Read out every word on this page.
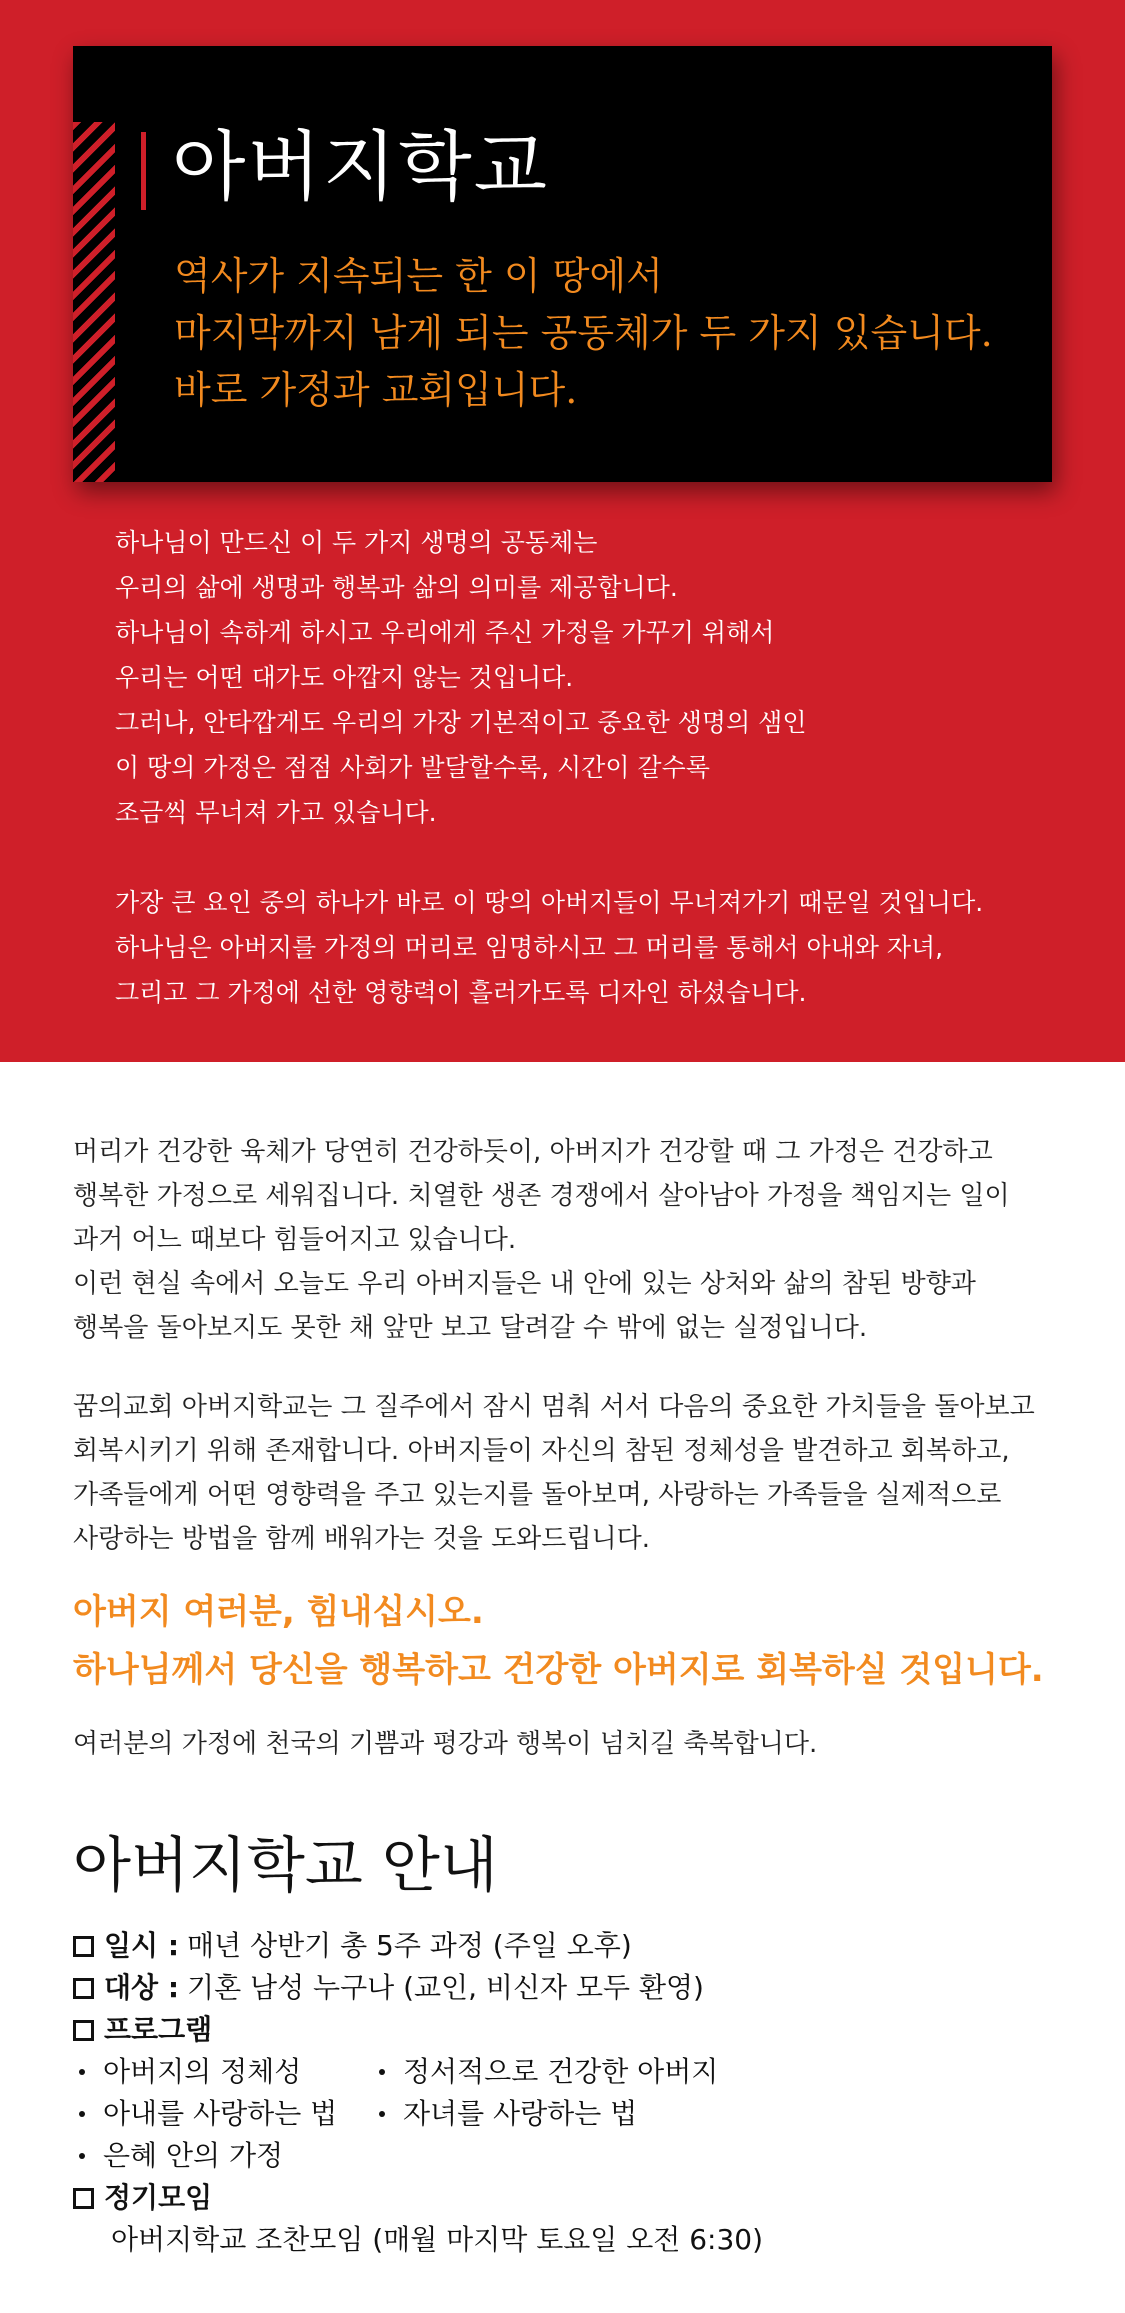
아버지학교
역사가 지속되는 한 이 땅에서
마지막까지 남게 되는 공동체가 두 가지 있습니다.
바로 가정과 교회입니다.
하나님이 만드신 이 두 가지 생명의 공동체는
우리의 삶에 생명과 행복과 삶의 의미를 제공합니다.
하나님이 속하게 하시고 우리에게 주신 가정을 가꾸기 위해서
우리는 어떤 대가도 아깝지 않는 것입니다.
그러나, 안타깝게도 우리의 가장 기본적이고 중요한 생명의 샘인
이 땅의 가정은 점점 사회가 발달할수록, 시간이 갈수록
조금씩 무너져 가고 있습니다.
가장 큰 요인 중의 하나가 바로 이 땅의 아버지들이 무너져가기 때문일 것입니다.
하나님은 아버지를 가정의 머리로 임명하시고 그 머리를 통해서 아내와 자녀,
그리고 그 가정에 선한 영향력이 흘러가도록 디자인 하셨습니다.
머리가 건강한 육체가 당연히 건강하듯이, 아버지가 건강할 때 그 가정은 건강하고
행복한 가정으로 세워집니다. 치열한 생존 경쟁에서 살아남아 가정을 책임지는 일이
과거 어느 때보다 힘들어지고 있습니다.
이런 현실 속에서 오늘도 우리 아버지들은 내 안에 있는 상처와 삶의 참된 방향과
행복을 돌아보지도 못한 채 앞만 보고 달려갈 수 밖에 없는 실정입니다.
꿈의교회 아버지학교는 그 질주에서 잠시 멈춰 서서 다음의 중요한 가치들을 돌아보고
회복시키기 위해 존재합니다. 아버지들이 자신의 참된 정체성을 발견하고 회복하고,
가족들에게 어떤 영향력을 주고 있는지를 돌아보며, 사랑하는 가족들을 실제적으로
사랑하는 방법을 함께 배워가는 것을 도와드립니다.
아버지 여러분, 힘내십시오.
하나님께서 당신을 행복하고 건강한 아버지로 회복하실 것입니다.
여러분의 가정에 천국의 기쁨과 평강과 행복이 넘치길 축복합니다.
아버지학교 안내
일시 : 매년 상반기 총 5주 과정 (주일 오후)
대상 : 기혼 남성 누구나 (교인, 비신자 모두 환영)
프로그램
아버지의 정체성	정서적으로 건강한 아버지
아내를 사랑하는 법 자녀를 사랑하는 법
은혜 안의 가정
정기모임
아버지학교 조찬모임 (매월 마지막 토요일 오전 6:30)
